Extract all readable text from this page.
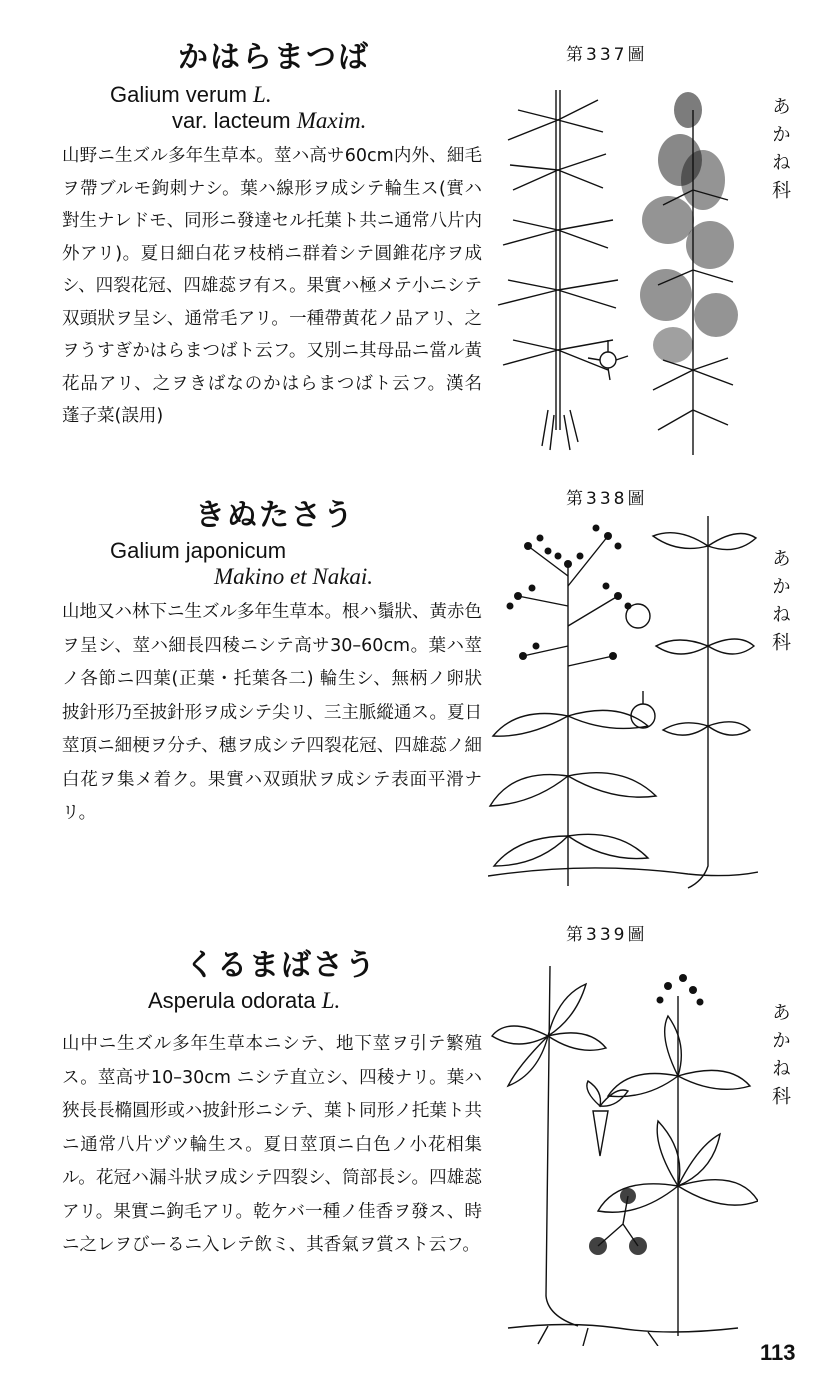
かはらまつば
Galium verum L.
var. lacteum Maxim.

山野ニ生ズル多年生草本。莖ハ高サ60cm内外、細毛ヲ帶ブルモ鉤刺ナシ。葉ハ線形ヲ成シテ輪生ス(實ハ對生ナレドモ、同形ニ發達セル托葉ト共ニ通常八片内外アリ)。夏日細白花ヲ枝梢ニ群着シテ圓錐花序ヲ成シ、四裂花冠、四雄蕊ヲ有ス。果實ハ極メテ小ニシテ双頭狀ヲ呈シ、通常毛アリ。一種帶黃花ノ品アリ、之ヲうすぎかはらまつばト云フ。又別ニ其母品ニ當ル黃花品アリ、之ヲきばなのかはらまつばト云フ。漢名 蓬子菜(誤用)

第337圖
あかね科
きぬたさう
Galium japonicum
Makino et Nakai.

山地又ハ林下ニ生ズル多年生草本。根ハ鬚狀、黃赤色ヲ呈シ、莖ハ細長四稜ニシテ高サ30–60cm。葉ハ莖ノ各節ニ四葉(正葉・托葉各二) 輪生シ、無柄ノ卵狀披針形乃至披針形ヲ成シテ尖リ、三主脈縱通ス。夏日莖頂ニ細梗ヲ分チ、穗ヲ成シテ四裂花冠、四雄蕊ノ細白花ヲ集メ着ク。果實ハ双頭狀ヲ成シテ表面平滑ナリ。

第338圖
あかね科
くるまばさう
Asperula odorata L.

山中ニ生ズル多年生草本ニシテ、地下莖ヲ引テ繁殖ス。莖高サ10–30cm ニシテ直立シ、四稜ナリ。葉ハ狹長長橢圓形或ハ披針形ニシテ、葉ト同形ノ托葉ト共ニ通常八片ヅツ輪生ス。夏日莖頂ニ白色ノ小花相集ル。花冠ハ漏斗狀ヲ成シテ四裂シ、筒部長シ。四雄蕊アリ。果實ニ鉤毛アリ。乾ケバ一種ノ佳香ヲ發ス、時ニ之レヲびーるニ入レテ飲ミ、其香氣ヲ賞スト云フ。

第339圖
あかね科
113
